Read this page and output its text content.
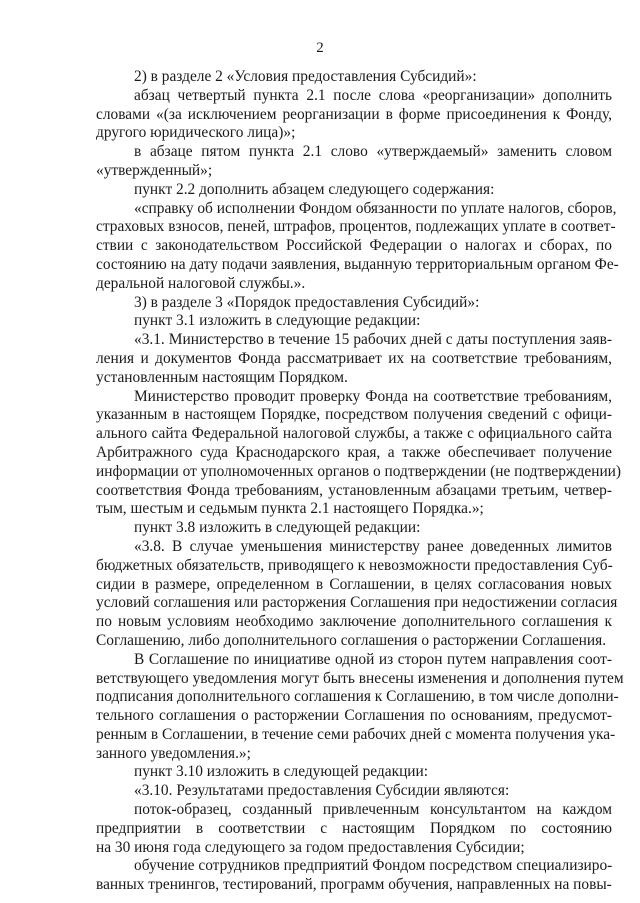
2
2) в разделе 2 «Условия предоставления Субсидий»:
абзац четвертый пункта 2.1 после слова «реорганизации» дополнить
словами «(за исключением реорганизации в форме присоединения к Фонду,
другого юридического лица)»;
в абзаце пятом пункта 2.1 слово «утверждаемый» заменить словом
«утвержденный»;
пункт 2.2 дополнить абзацем следующего содержания:
«справку об исполнении Фондом обязанности по уплате налогов, сборов,
страховых взносов, пеней, штрафов, процентов, подлежащих уплате в соответ-
ствии с законодательством Российской Федерации о налогах и сборах, по
состоянию на дату подачи заявления, выданную территориальным органом Фе-
деральной налоговой службы.».
3) в разделе 3 «Порядок предоставления Субсидий»:
пункт 3.1 изложить в следующие редакции:
«3.1. Министерство в течение 15 рабочих дней с даты поступления заяв-
ления и документов Фонда рассматривает их на соответствие требованиям,
установленным настоящим Порядком.
Министерство проводит проверку Фонда на соответствие требованиям,
указанным в настоящем Порядке, посредством получения сведений с офици-
ального сайта Федеральной налоговой службы, а также с официального сайта
Арбитражного суда Краснодарского края, а также обеспечивает получение
информации от уполномоченных органов о подтверждении (не подтверждении)
соответствия Фонда требованиям, установленным абзацами третьим, четвер-
тым, шестым и седьмым пункта 2.1 настоящего Порядка.»;
пункт 3.8 изложить в следующей редакции:
«3.8. В случае уменьшения министерству ранее доведенных лимитов
бюджетных обязательств, приводящего к невозможности предоставления Суб-
сидии в размере, определенном в Соглашении, в целях согласования новых
условий соглашения или расторжения Соглашения при недостижении согласия
по новым условиям необходимо заключение дополнительного соглашения к
Соглашению, либо дополнительного соглашения о расторжении Соглашения.
В Соглашение по инициативе одной из сторон путем направления соот-
ветствующего уведомления могут быть внесены изменения и дополнения путем
подписания дополнительного соглашения к Соглашению, в том числе дополни-
тельного соглашения о расторжении Соглашения по основаниям, предусмот-
ренным в Соглашении, в течение семи рабочих дней с момента получения ука-
занного уведомления.»;
пункт 3.10 изложить в следующей редакции:
«3.10. Результатами предоставления Субсидии являются:
поток-образец, созданный привлеченным консультантом на каждом
предприятии в соответствии с настоящим Порядком по состоянию
на 30 июня года следующего за годом предоставления Субсидии;
обучение сотрудников предприятий Фондом посредством специализиро-
ванных тренингов, тестирований, программ обучения, направленных на повы-
